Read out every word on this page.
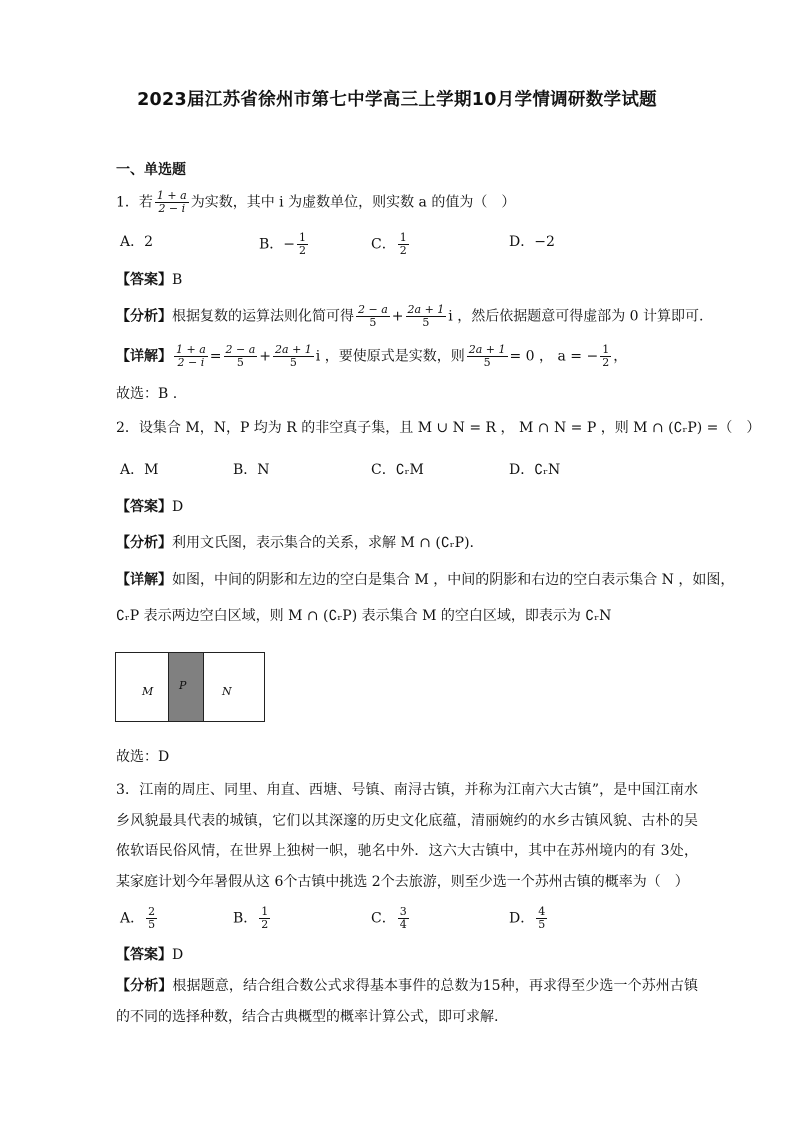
2023届江苏省徐州市第七中学高三上学期10月学情调研数学试题
一、单选题
1．若 $\frac{1 + a}{2 - i}$ 为实数，其中 i 为虚数单位，则实数 a 的值为（　）
A．2	B．− $\frac{1}{2}$	C． $\frac{1}{2}$	D．−2
【答案】B
【分析】根据复数的运算法则化简可得 $\frac{2 - a}{5} + \frac{2a + 1}{5}$ i ，然后依据题意可得虚部为 0 计算即可.
【详解】 $\frac{1 + a}{2 - i} = \frac{2 - a}{5} + \frac{2a + 1}{5}$ i ，要使原式是实数，则 $\frac{2a + 1}{5} = 0$ ， a = − $\frac{1}{2}$ ，
故选：B .
2．设集合 M，N，P 均为 R 的非空真子集，且 M ∪ N = R ， M ∩ N = P ，则 M ∩ (∁ᵣP) =（　）
A．M	B．N	C．∁ᵣM	D．∁ᵣN
【答案】D
【分析】利用文氏图，表示集合的关系，求解 M ∩ (∁ᵣP).
【详解】如图，中间的阴影和左边的空白是集合 M ，中间的阴影和右边的空白表示集合 N ，如图，
∁ᵣP 表示两边空白区域，则 M ∩ (∁ᵣP) 表示集合 M 的空白区域，即表示为 ∁ᵣN
M P	N
故选：D
3．江南的周庄、同里、甪直、西塘、号镇、南浔古镇，并称为江南六大古镇”，是中国江南水乡风貌最具代表的城镇，它们以其深邃的历史文化底蕴，清丽婉约的水乡古镇风貌、古朴的吴侬软语民俗风情，在世界上独树一帜，驰名中外．这六大古镇中，其中在苏州境内的有 3处，某家庭计划今年暑假从这 6个古镇中挑选 2个去旅游，则至少选一个苏州古镇的概率为（　）
A． $\frac{2}{5}$	B． $\frac{1}{2}$	C． $\frac{3}{4}$	D． $\frac{4}{5}$
【答案】D
【分析】根据题意，结合组合数公式求得基本事件的总数为15种，再求得至少选一个苏州古镇的不同的选择种数，结合古典概型的概率计算公式，即可求解.
